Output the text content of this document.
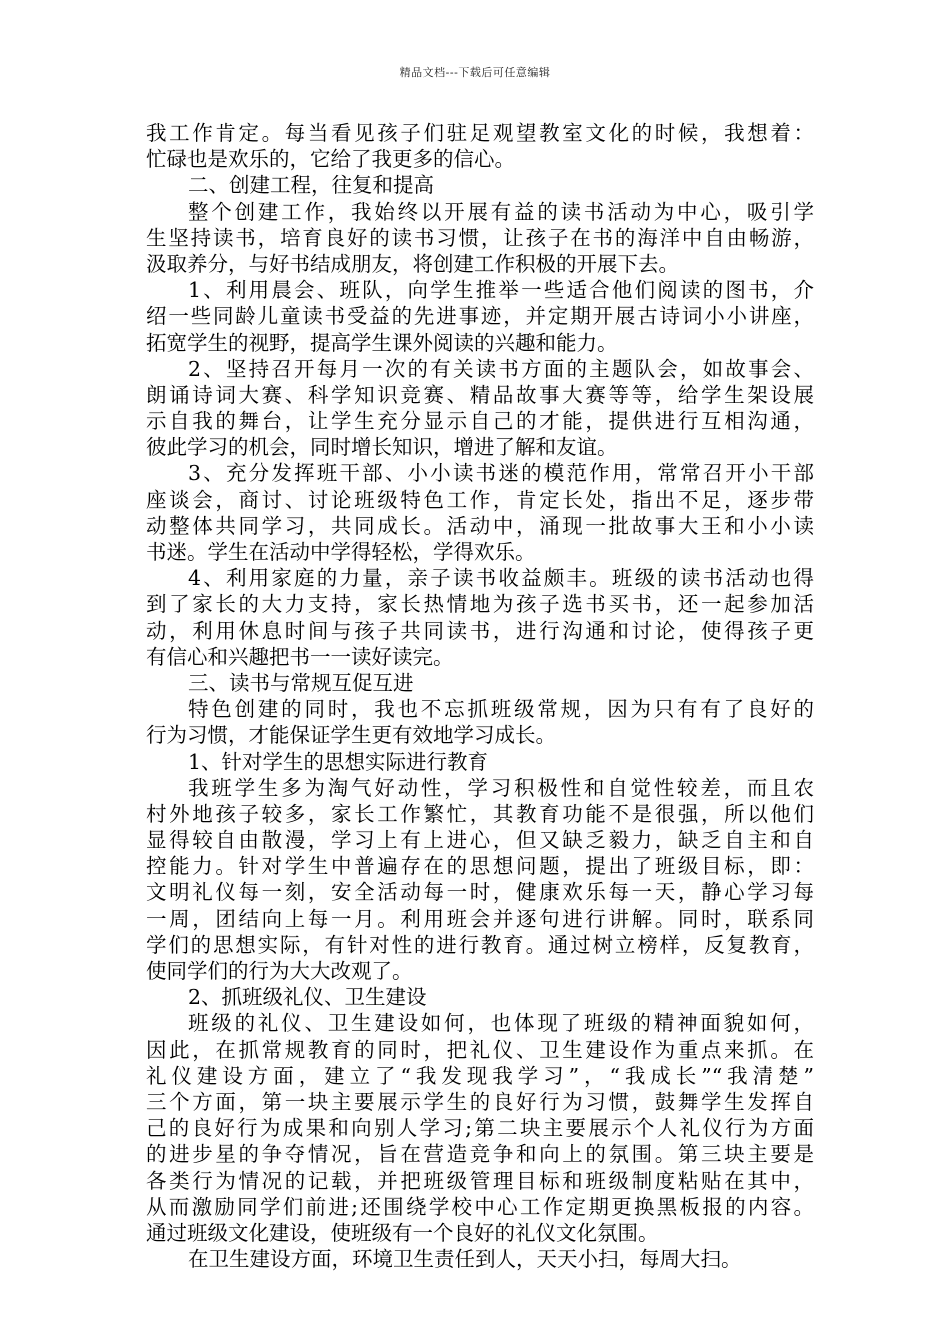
精品文档---下载后可任意编辑
我工作肯定。每当看见孩子们驻足观望教室文化的时候，我想着：
忙碌也是欢乐的，它给了我更多的信心。
二、创建工程，往复和提高
整个创建工作，我始终以开展有益的读书活动为中心，吸引学
生坚持读书，培育良好的读书习惯，让孩子在书的海洋中自由畅游，
汲取养分，与好书结成朋友，将创建工作积极的开展下去。
1、利用晨会、班队，向学生推举一些适合他们阅读的图书，介
绍一些同龄儿童读书受益的先进事迹，并定期开展古诗词小小讲座，
拓宽学生的视野，提高学生课外阅读的兴趣和能力。
2、坚持召开每月一次的有关读书方面的主题队会，如故事会、
朗诵诗词大赛、科学知识竞赛、精品故事大赛等等，给学生架设展
示自我的舞台，让学生充分显示自己的才能，提供进行互相沟通，
彼此学习的机会，同时增长知识，增进了解和友谊。
3、充分发挥班干部、小小读书迷的模范作用，常常召开小干部
座谈会，商讨、讨论班级特色工作，肯定长处，指出不足，逐步带
动整体共同学习，共同成长。活动中，涌现一批故事大王和小小读
书迷。学生在活动中学得轻松，学得欢乐。
4、利用家庭的力量，亲子读书收益颇丰。班级的读书活动也得
到了家长的大力支持，家长热情地为孩子选书买书，还一起参加活
动，利用休息时间与孩子共同读书，进行沟通和讨论，使得孩子更
有信心和兴趣把书一一读好读完。
三、读书与常规互促互进
特色创建的同时，我也不忘抓班级常规，因为只有有了良好的
行为习惯，才能保证学生更有效地学习成长。
1、针对学生的思想实际进行教育
我班学生多为淘气好动性，学习积极性和自觉性较差，而且农
村外地孩子较多，家长工作繁忙，其教育功能不是很强，所以他们
显得较自由散漫，学习上有上进心，但又缺乏毅力，缺乏自主和自
控能力。针对学生中普遍存在的思想问题，提出了班级目标，即：
文明礼仪每一刻，安全活动每一时，健康欢乐每一天，静心学习每
一周，团结向上每一月。利用班会并逐句进行讲解。同时，联系同
学们的思想实际，有针对性的进行教育。通过树立榜样，反复教育，
使同学们的行为大大改观了。
2、抓班级礼仪、卫生建设
班级的礼仪、卫生建设如何，也体现了班级的精神面貌如何，
因此，在抓常规教育的同时，把礼仪、卫生建设作为重点来抓。在
礼仪建设方面，建立了“我发现我学习”，“我成长”“我清楚”
三个方面，第一块主要展示学生的良好行为习惯，鼓舞学生发挥自
己的良好行为成果和向别人学习;第二块主要展示个人礼仪行为方面
的进步星的争夺情况，旨在营造竞争和向上的氛围。第三块主要是
各类行为情况的记载，并把班级管理目标和班级制度粘贴在其中，
从而激励同学们前进;还围绕学校中心工作定期更换黑板报的内容。
通过班级文化建设，使班级有一个良好的礼仪文化氛围。
在卫生建设方面，环境卫生责任到人，天天小扫，每周大扫。
